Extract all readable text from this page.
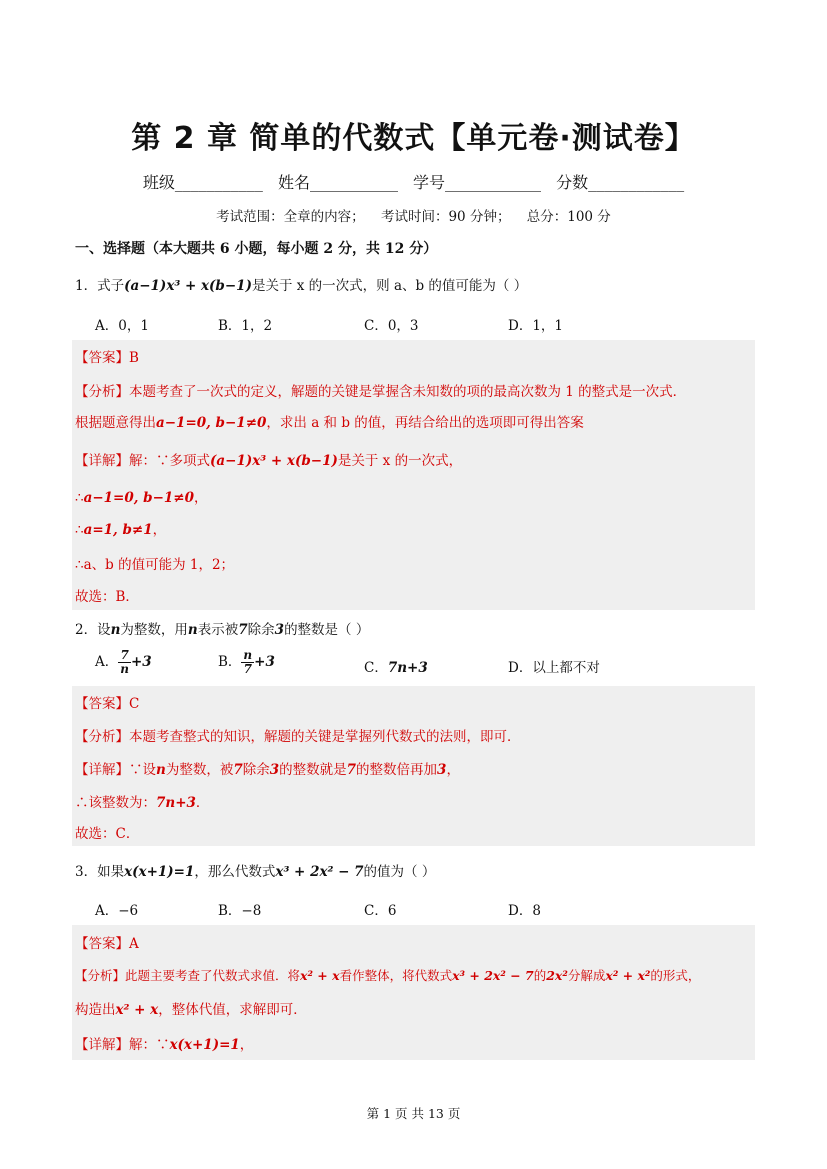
第 2 章 简单的代数式【单元卷·测试卷】
班级___________ 姓名___________ 学号____________ 分数____________
考试范围：全章的内容； 考试时间：90 分钟； 总分：100 分
一、选择题（本大题共 6 小题，每小题 2 分，共 12 分）
1．式子(a−1)x³ + x(b−1)是关于 x 的一次式，则 a、b 的值可能为（ ）
A．0，1	B．1，2	C．0，3	D．1，1
【答案】B
【分析】本题考查了一次式的定义，解题的关键是掌握含未知数的项的最高次数为 1 的整式是一次式．
根据题意得出a−1=0, b−1≠0，求出 a 和 b 的值，再结合给出的选项即可得出答案
【详解】解：∵多项式(a−1)x³ + x(b−1)是关于 x 的一次式，
∴a−1=0, b−1≠0，
∴a=1, b≠1，
∴a、b 的值可能为 1，2；
故选：B．
2．设n为整数，用n表示被7除余3的整数是（ ）
A． $\frac{7}{n} +3$	B． $\frac{n}{7} +3$	C．7n+3	D．以上都不对
【答案】C
【分析】本题考查整式的知识，解题的关键是掌握列代数式的法则，即可．
【详解】∵设n为整数，被7除余3的整数就是7的整数倍再加3，
∴该整数为：7n+3．
故选：C．
3．如果x(x+1)=1，那么代数式x³ + 2x² − 7的值为（ ）
A．−6	B．−8	C．6	D．8
【答案】A
【分析】此题主要考查了代数式求值．将x² + x看作整体，将代数式x³ + 2x² − 7的2x²分解成x² + x²的形式，
构造出x² + x，整体代值，求解即可．
【详解】解：∵x(x+1)=1，
第 1 页 共 13 页
